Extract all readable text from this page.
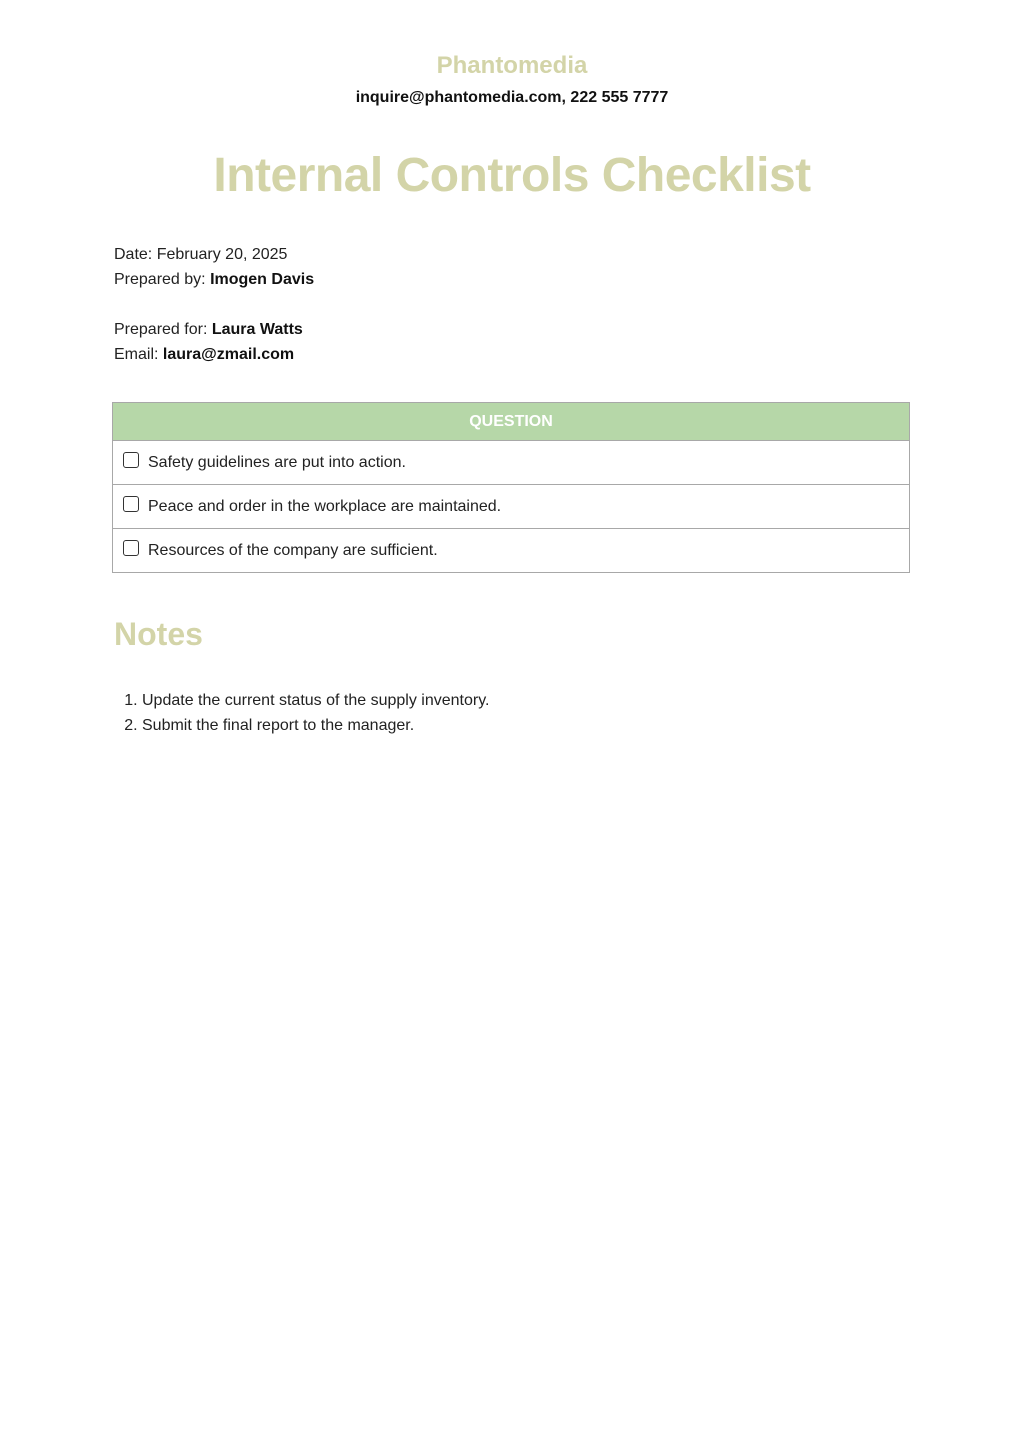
Phantomedia
inquire@phantomedia.com, 222 555 7777
Internal Controls Checklist
Date: February 20, 2025
Prepared by: Imogen Davis
Prepared for: Laura Watts
Email: laura@zmail.com
QUESTION
Safety guidelines are put into action.
Peace and order in the workplace are maintained.
Resources of the company are sufficient.
Notes
1. Update the current status of the supply inventory.
2. Submit the final report to the manager.
